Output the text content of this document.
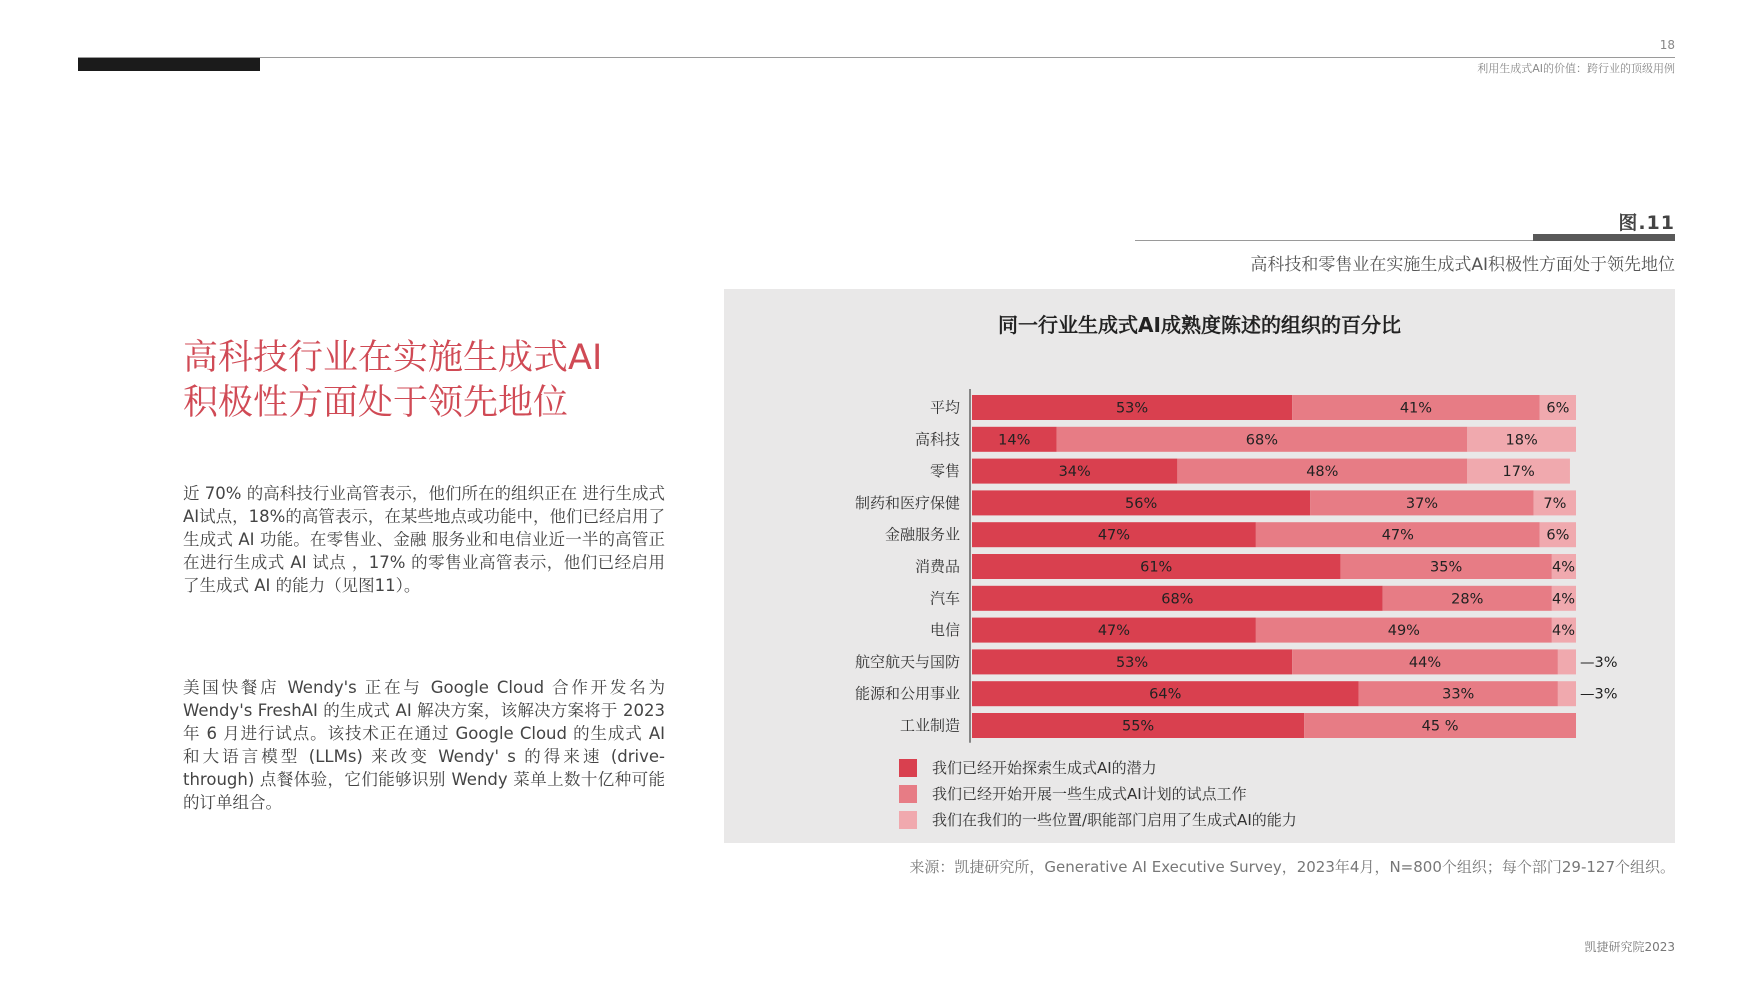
18
利用生成式AI的价值：跨行业的顶级用例
图.11
高科技和零售业在实施生成式AI积极性方面处于领先地位
高科技行业在实施生成式AI
积极性方面处于领先地位
近 70% 的高科技行业高管表示，他们所在的组织正在 进行生成式AI试点，18%的高管表示，在某些地点或功能中，他们已经启用了生成式 AI 功能。在零售业、金融 服务业和电信业近一半的高管正在进行生成式 AI 试点 ，17% 的零售业高管表示，他们已经启用了生成式 AI 的能力（见图11）。
美国快餐店 Wendy's 正在与 Google Cloud 合作开发名为 Wendy's FreshAI 的生成式 AI 解决方案，该解决方案将于 2023 年 6 月进行试点。该技术正在通过 Google Cloud 的生成式 AI 和大语言模型 (LLMs) 来改变 Wendy' s 的得来速 (drive-through) 点餐体验，它们能够识别 Wendy 菜单上数十亿种可能的订单组合。
同一行业生成式AI成熟度陈述的组织的百分比
平均	53%	41%	6%
高科技	14%	68%	18%
零售	34%	48%	17%
制药和医疗保健	56%	37%	7%
金融服务业	47%	47%	6%
消费品	61%	35%	4%
汽车	68%	28%	4%
电信	47%	49%	4%
航空航天与国防	53%	44%	—3%
能源和公用事业	64%	33%	—3%
工业制造	55%	45 %
我们已经开始探索生成式AI的潜力
我们已经开始开展一些生成式AI计划的试点工作
我们在我们的一些位置/职能部门启用了生成式AI的能力
来源：凯捷研究所，Generative AI Executive Survey，2023年4月，N=800个组织；每个部门29-127个组织。
凯捷研究院2023
